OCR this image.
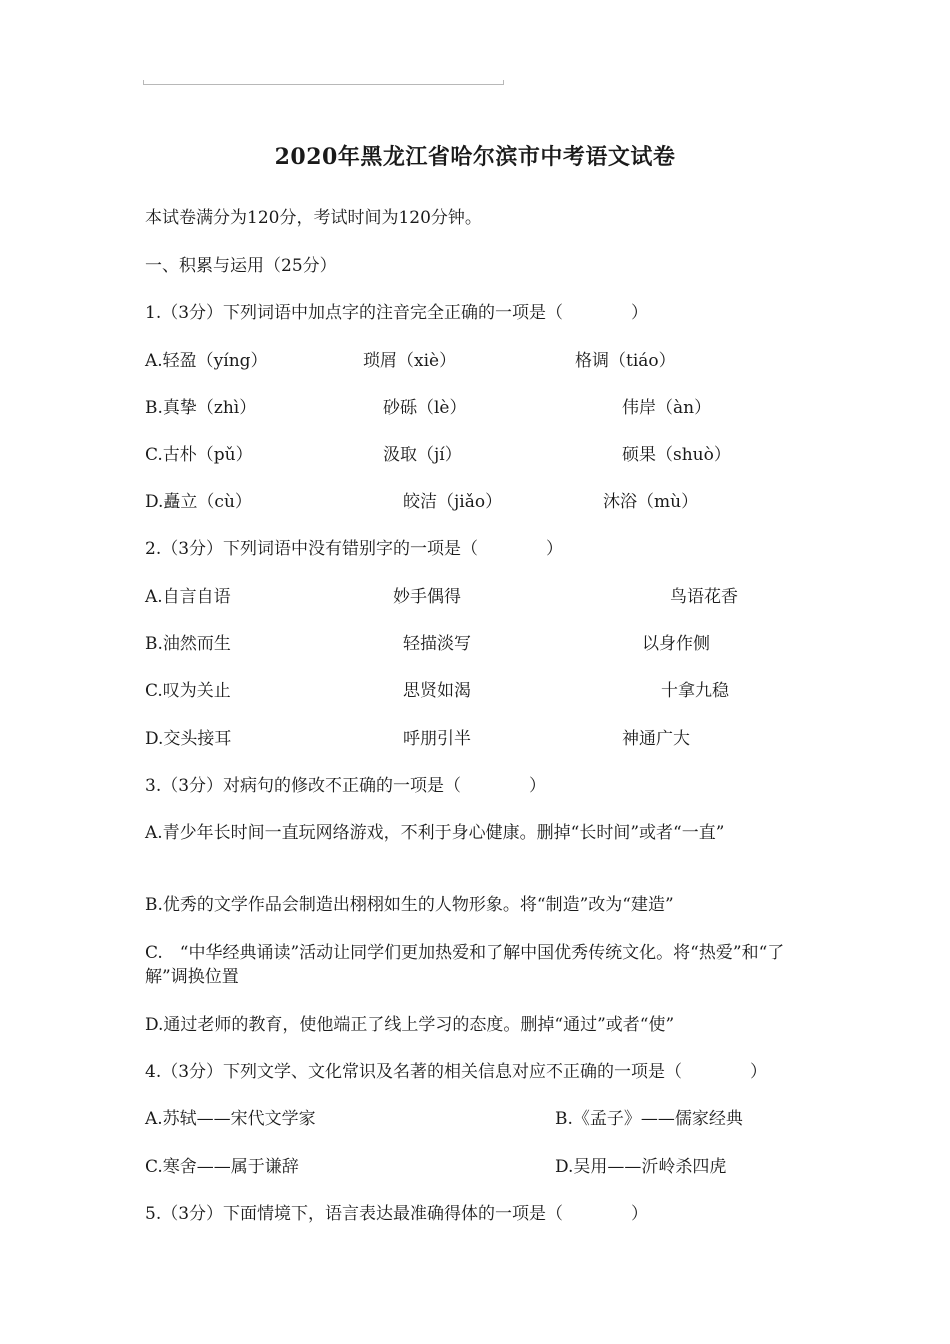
2020年黑龙江省哈尔滨市中考语文试卷
本试卷满分为120分，考试时间为120分钟。
一、积累与运用（25分）
1.（3分）下列词语中加点字的注音完全正确的一项是（　　　　）
A.轻盈（yíng）	琐屑（xiè）	格调（tiáo）
B.真挚（zhì）	砂砾（lè）	伟岸（àn）
C.古朴（pǔ）	汲取（jí）	硕果（shuò）
D.矗立（cù）	皎洁（jiǎo）	沐浴（mù）
2.（3分）下列词语中没有错别字的一项是（　　　　）
A.自言自语	妙手偶得	鸟语花香
B.油然而生	轻描淡写	以身作侧
C.叹为关止	思贤如渴	十拿九稳
D.交头接耳	呼朋引半	神通广大
3.（3分）对病句的修改不正确的一项是（　　　　）
A.青少年长时间一直玩网络游戏，不利于身心健康。删掉“长时间”或者“一直”
B.优秀的文学作品会制造出栩栩如生的人物形象。将“制造”改为“建造”
C.　“中华经典诵读”活动让同学们更加热爱和了解中国优秀传统文化。将“热爱”和“了解”调换位置
D.通过老师的教育，使他端正了线上学习的态度。删掉“通过”或者“使”
4.（3分）下列文学、文化常识及名著的相关信息对应不正确的一项是（　　　　）
A.苏轼——宋代文学家	B.《孟子》——儒家经典
C.寒舍——属于谦辞	D.吴用——沂岭杀四虎
5.（3分）下面情境下，语言表达最准确得体的一项是（　　　　）
